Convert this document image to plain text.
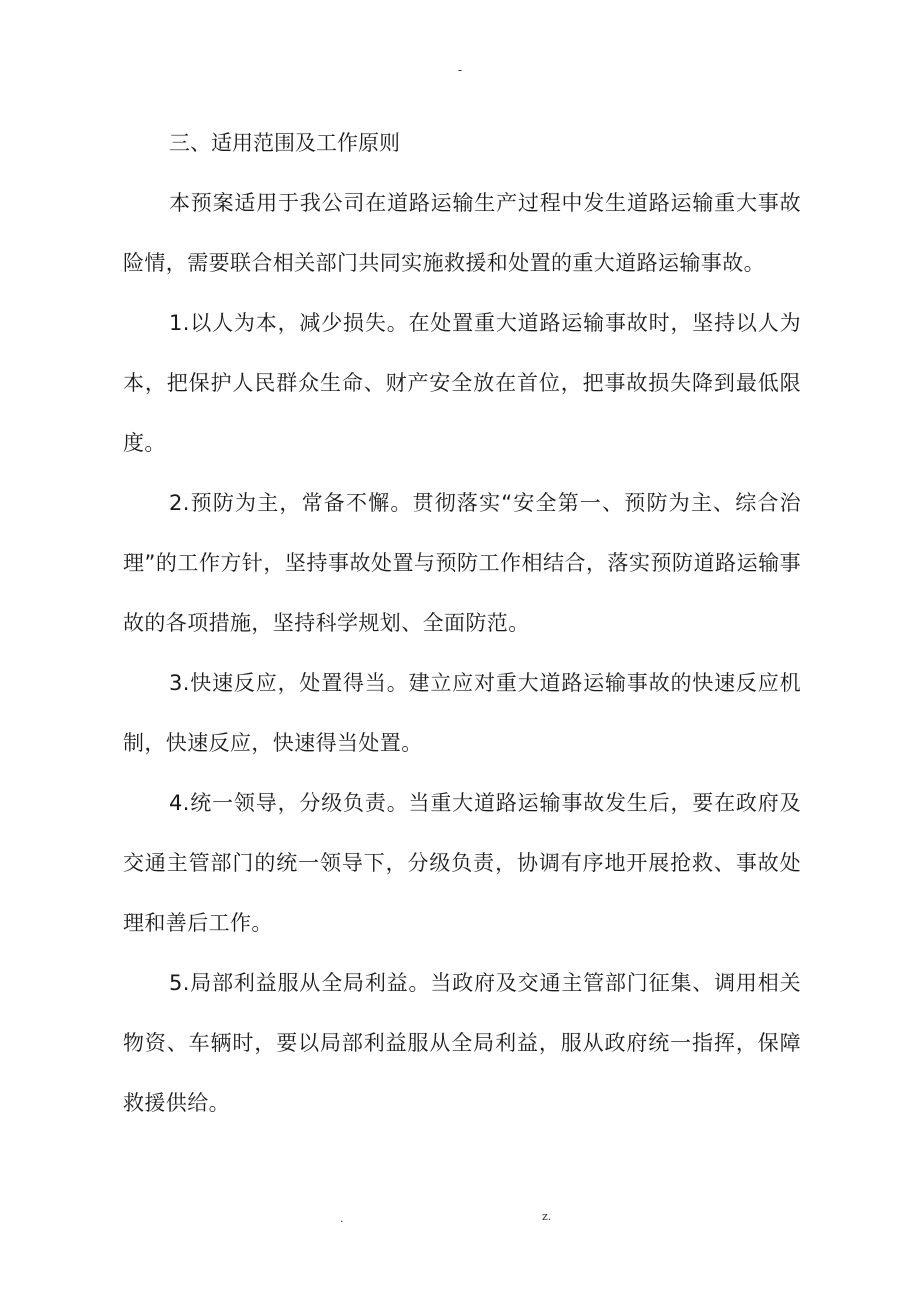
-
三、适用范围及工作原则

本预案适用于我公司在道路运输生产过程中发生道路运输重大事故险情，需要联合相关部门共同实施救援和处置的重大道路运输事故。

1.以人为本，减少损失。在处置重大道路运输事故时，坚持以人为本，把保护人民群众生命、财产安全放在首位，把事故损失降到最低限度。

2.预防为主，常备不懈。贯彻落实“安全第一、预防为主、综合治理”的工作方针，坚持事故处置与预防工作相结合，落实预防道路运输事故的各项措施，坚持科学规划、全面防范。

3.快速反应，处置得当。建立应对重大道路运输事故的快速反应机制，快速反应，快速得当处置。

4.统一领导，分级负责。当重大道路运输事故发生后，要在政府及交通主管部门的统一领导下，分级负责，协调有序地开展抢救、事故处理和善后工作。

5.局部利益服从全局利益。当政府及交通主管部门征集、调用相关物资、车辆时，要以局部利益服从全局利益，服从政府统一指挥，保障救援供给。

.	z.
